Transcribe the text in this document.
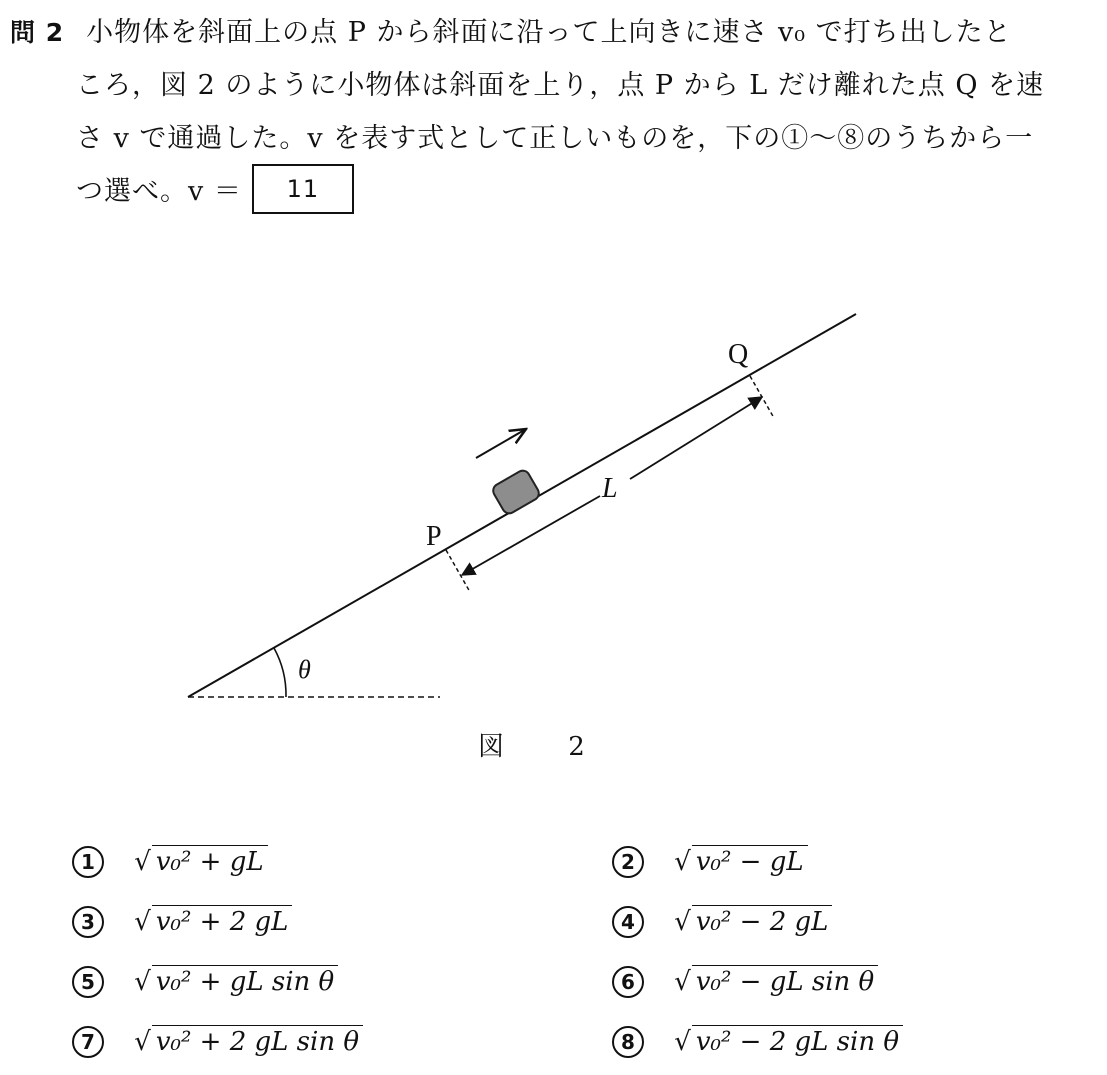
問 2 小物体を斜面上の点 P から斜面に沿って上向きに速さ v₀ で打ち出したと
ころ，図 2 のように小物体は斜面を上り，点 P から L だけ離れた点 Q を速
さ v で通過した。v を表す式として正しいものを，下の①～⑧のうちから一
つ選べ。v ＝ 11
P
Q
L
θ
図 2
1 √ v₀² + gL	2 √ v₀² − gL
3 √ v₀² + 2 gL	4 √ v₀² − 2 gL
5 √ v₀² + gL sin θ	6 √ v₀² − gL sin θ
7 √ v₀² + 2 gL sin θ	8 √ v₀² − 2 gL sin θ
